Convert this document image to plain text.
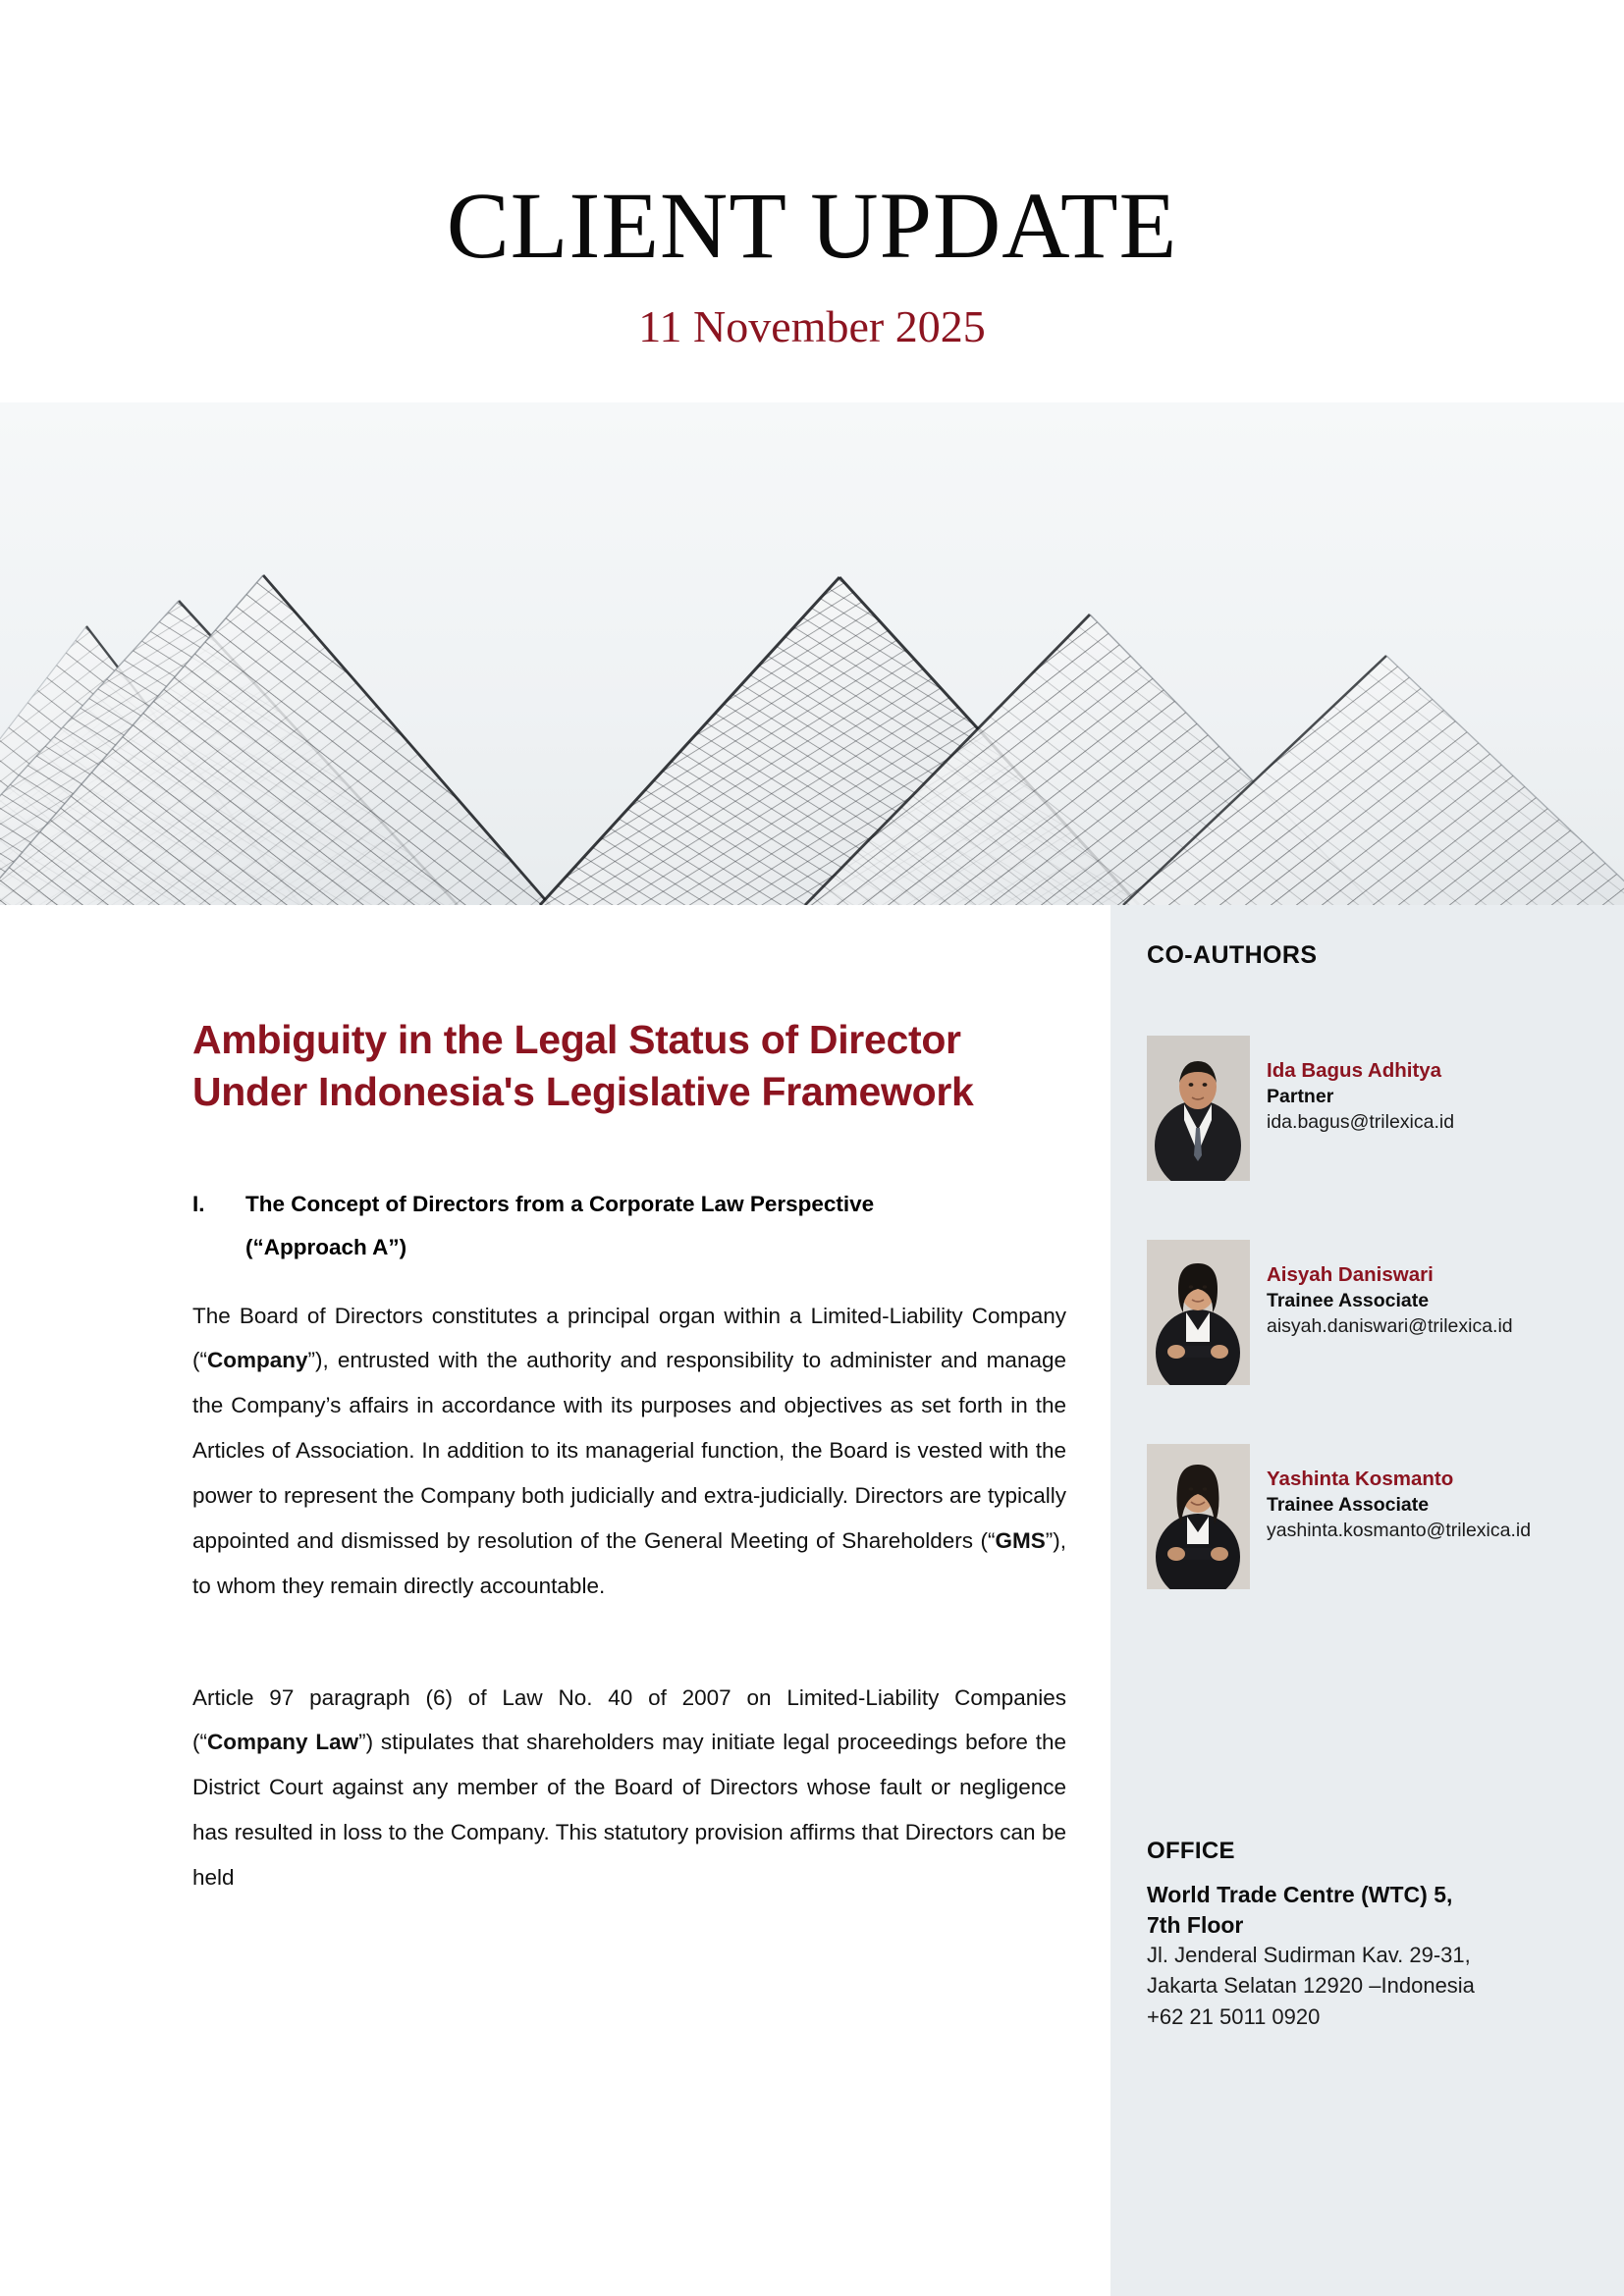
CLIENT UPDATE
11 November 2025
Ambiguity in the Legal Status of Director Under Indonesia's Legislative Framework
I. The Concept of Directors from a Corporate Law Perspective
(“Approach A”)

The Board of Directors constitutes a principal organ within a Limited-Liability Company (“Company”), entrusted with the authority and responsibility to administer and manage the Company’s affairs in accordance with its purposes and objectives as set forth in the Articles of Association. In addition to its managerial function, the Board is vested with the power to represent the Company both judicially and extra-judicially. Directors are typically appointed and dismissed by resolution of the General Meeting of Shareholders (“GMS”), to whom they remain directly accountable.

Article 97 paragraph (6) of Law No. 40 of 2007 on Limited-Liability Companies (“Company Law”) stipulates that shareholders may initiate legal proceedings before the District Court against any member of the Board of Directors whose fault or negligence has resulted in loss to the Company. This statutory provision affirms that Directors can be held

CO-AUTHORS
Ida Bagus Adhitya
Partner
ida.bagus@trilexica.id
Aisyah Daniswari
Trainee Associate
aisyah.daniswari@trilexica.id
Yashinta Kosmanto
Trainee Associate
yashinta.kosmanto@trilexica.id
OFFICE
World Trade Centre (WTC) 5,
7th Floor
Jl. Jenderal Sudirman Kav. 29-31,
Jakarta Selatan 12920 –Indonesia
+62 21 5011 0920
